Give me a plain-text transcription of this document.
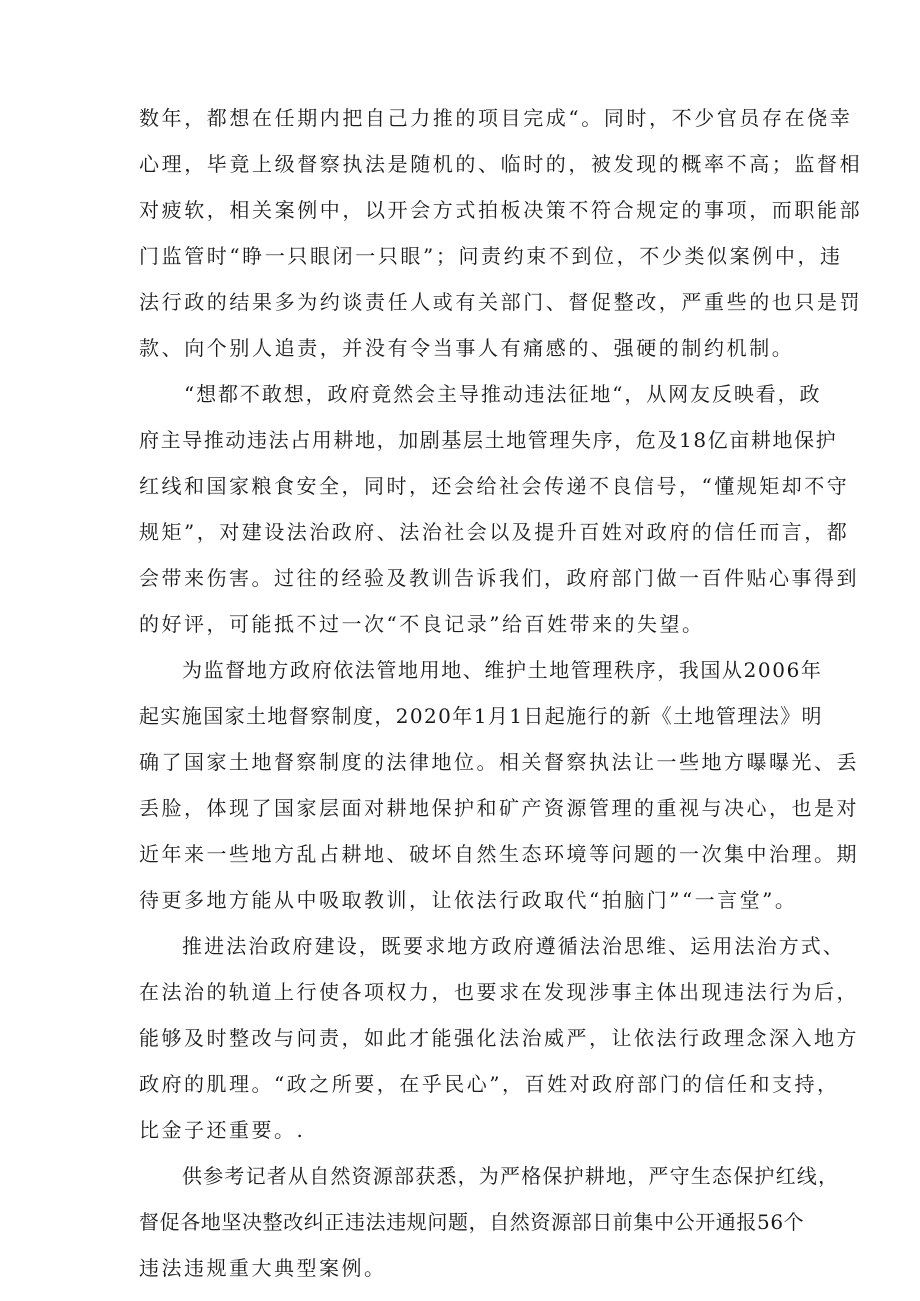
数年，都想在任期内把自己力推的项目完成“。同时，不少官员存在侥幸

心理，毕竟上级督察执法是随机的、临时的，被发现的概率不高；监督相

对疲软，相关案例中，以开会方式拍板决策不符合规定的事项，而职能部

门监管时“睁一只眼闭一只眼”；问责约束不到位，不少类似案例中，违

法行政的结果多为约谈责任人或有关部门、督促整改，严重些的也只是罚

款、向个别人追责，并没有令当事人有痛感的、强硬的制约机制。

“想都不敢想，政府竟然会主导推动违法征地“，从网友反映看，政

府主导推动违法占用耕地，加剧基层土地管理失序，危及18亿亩耕地保护

红线和国家粮食安全，同时，还会给社会传递不良信号，“懂规矩却不守

规矩”，对建设法治政府、法治社会以及提升百姓对政府的信任而言，都

会带来伤害。过往的经验及教训告诉我们，政府部门做一百件贴心事得到

的好评，可能抵不过一次“不良记录”给百姓带来的失望。

为监督地方政府依法管地用地、维护土地管理秩序，我国从2006年

起实施国家土地督察制度，2020年1月1日起施行的新《土地管理法》明

确了国家土地督察制度的法律地位。相关督察执法让一些地方曝曝光、丢

丢脸，体现了国家层面对耕地保护和矿产资源管理的重视与决心，也是对

近年来一些地方乱占耕地、破坏自然生态环境等问题的一次集中治理。期

待更多地方能从中吸取教训，让依法行政取代“拍脑门”“一言堂”。

推进法治政府建设，既要求地方政府遵循法治思维、运用法治方式、

在法治的轨道上行使各项权力，也要求在发现涉事主体出现违法行为后，

能够及时整改与问责，如此才能强化法治威严，让依法行政理念深入地方

政府的肌理。“政之所要，在乎民心”，百姓对政府部门的信任和支持，

比金子还重要。.

供参考记者从自然资源部获悉，为严格保护耕地，严守生态保护红线，

督促各地坚决整改纠正违法违规问题，自然资源部日前集中公开通报56个

违法违规重大典型案例。
